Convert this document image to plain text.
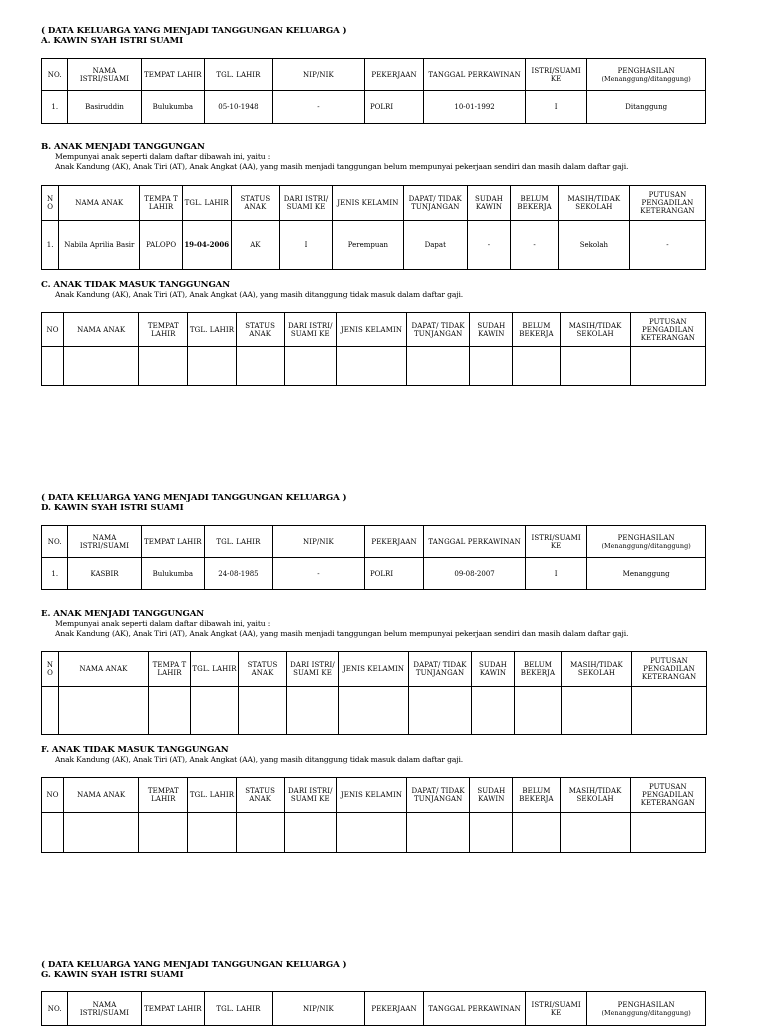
( DATA KELUARGA YANG MENJADI TANGGUNGAN KELUARGA )
A. KAWIN SYAH ISTRI SUAMI
NO.	NAMA ISTRI/SUAMI	TEMPAT LAHIR	TGL. LAHIR	NIP/NIK	PEKERJAAN	TANGGAL PERKAWINAN	ISTRI/SUAMI KE	PENGHASILAN
(Menanggung/ditanggung)
1.	Basiruddin	Bulukumba	05-10-1948	-	POLRI	10-01-1992	I	Ditanggung
B. ANAK MENJADI TANGGUNGAN
Mempunyai anak seperti dalam daftar dibawah ini, yaitu :
Anak Kandung (AK), Anak Tiri (AT), Anak Angkat (AA), yang masih menjadi tanggungan belum mempunyai pekerjaan sendiri dan masih dalam daftar gaji.
N O	NAMA ANAK	TEMPA T LAHIR	TGL. LAHIR	STATUS ANAK	DARI ISTRI/ SUAMI KE	JENIS KELAMIN	DAPAT/ TIDAK TUNJANGAN	SUDAH KAWIN	BELUM BEKERJA	MASIH/TIDAK SEKOLAH	PUTUSAN PENGADILAN KETERANGAN
1.	Nabila Aprilia Basir	PALOPO	19-04-2006	AK	I	Perempuan	Dapat	-	-	Sekolah	-
C. ANAK TIDAK MASUK TANGGUNGAN
Anak Kandung (AK), Anak Tiri (AT), Anak Angkat (AA), yang masih ditanggung tidak masuk dalam daftar gaji.
NO	NAMA ANAK	TEMPAT LAHIR	TGL. LAHIR	STATUS ANAK	DARI ISTRI/ SUAMI KE	JENIS KELAMIN	DAPAT/ TIDAK TUNJANGAN	SUDAH KAWIN	BELUM BEKERJA	MASIH/TIDAK SEKOLAH	PUTUSAN PENGADILAN KETERANGAN

( DATA KELUARGA YANG MENJADI TANGGUNGAN KELUARGA )
D. KAWIN SYAH ISTRI SUAMI
NO.	NAMA ISTRI/SUAMI	TEMPAT LAHIR	TGL. LAHIR	NIP/NIK	PEKERJAAN	TANGGAL PERKAWINAN	ISTRI/SUAMI KE	PENGHASILAN
(Menanggung/ditanggung)
1.	KASBIR	Bulukumba	24-08-1985	-	POLRI	09-08-2007	I	Menanggung
E. ANAK MENJADI TANGGUNGAN
Mempunyai anak seperti dalam daftar dibawah ini, yaitu :
Anak Kandung (AK), Anak Tiri (AT), Anak Angkat (AA), yang masih menjadi tanggungan belum mempunyai pekerjaan sendiri dan masih dalam daftar gaji.
N O	NAMA ANAK	TEMPA T LAHIR	TGL. LAHIR	STATUS ANAK	DARI ISTRI/ SUAMI KE	JENIS KELAMIN	DAPAT/ TIDAK TUNJANGAN	SUDAH KAWIN	BELUM BEKERJA	MASIH/TIDAK SEKOLAH	PUTUSAN PENGADILAN KETERANGAN

F. ANAK TIDAK MASUK TANGGUNGAN
Anak Kandung (AK), Anak Tiri (AT), Anak Angkat (AA), yang masih ditanggung tidak masuk dalam daftar gaji.
NO	NAMA ANAK	TEMPAT LAHIR	TGL. LAHIR	STATUS ANAK	DARI ISTRI/ SUAMI KE	JENIS KELAMIN	DAPAT/ TIDAK TUNJANGAN	SUDAH KAWIN	BELUM BEKERJA	MASIH/TIDAK SEKOLAH	PUTUSAN PENGADILAN KETERANGAN

( DATA KELUARGA YANG MENJADI TANGGUNGAN KELUARGA )
G. KAWIN SYAH ISTRI SUAMI
NO.	NAMA ISTRI/SUAMI	TEMPAT LAHIR	TGL. LAHIR	NIP/NIK	PEKERJAAN	TANGGAL PERKAWINAN	ISTRI/SUAMI KE	PENGHASILAN
(Menanggung/ditanggung)
